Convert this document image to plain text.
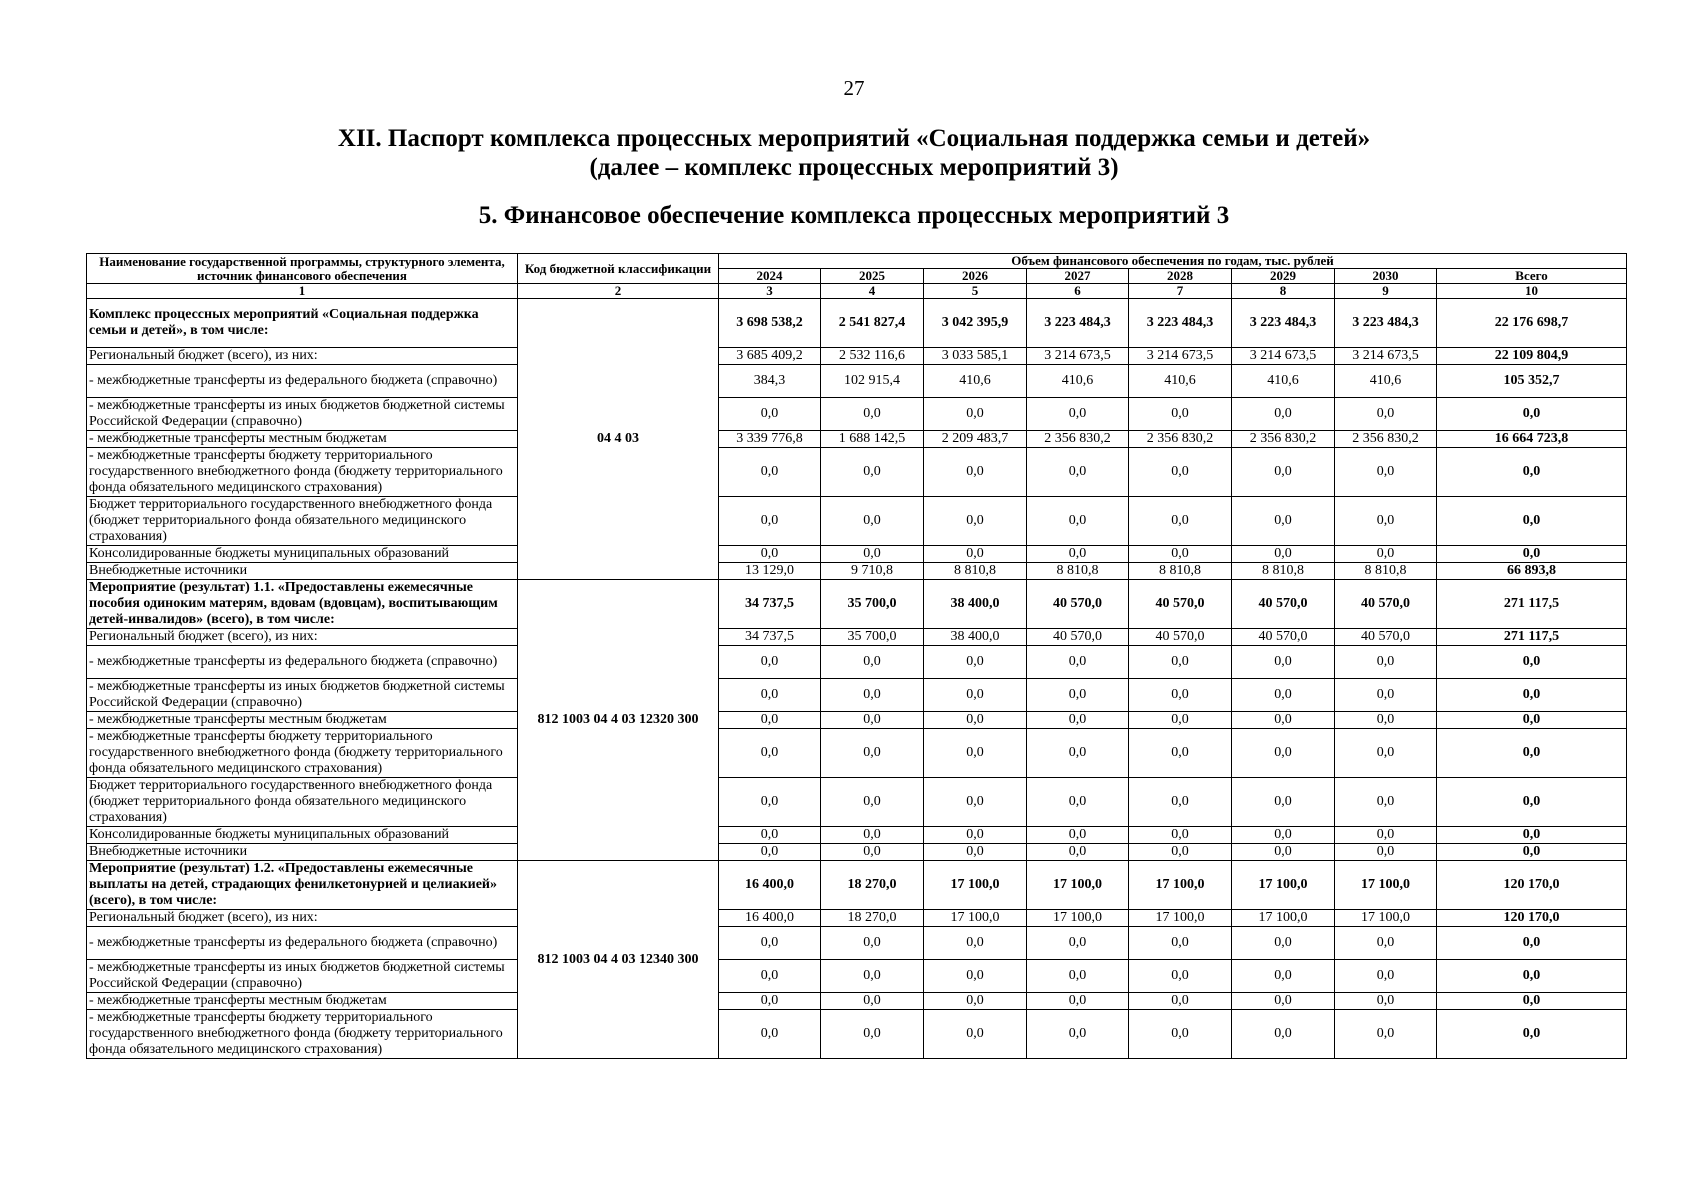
27
XII. Паспорт комплекса процессных мероприятий «Социальная поддержка семьи и детей»
(далее – комплекс процессных мероприятий 3)
5. Финансовое обеспечение комплекса процессных мероприятий 3
Наименование государственной программы, структурного элемента, источник финансового обеспечения	Код бюджетной классификации	Объем финансового обеспечения по годам, тыс. рублей							
		2024	2025	2026	2027	2028	2029	2030	Всего
1	2	3	4	5	6	7	8	9	10
Комплекс процессных мероприятий «Социальная поддержка семьи и детей», в том числе:	04 4 03	3 698 538,2	2 541 827,4	3 042 395,9	3 223 484,3	3 223 484,3	3 223 484,3	3 223 484,3	22 176 698,7
Региональный бюджет (всего), из них:		3 685 409,2	2 532 116,6	3 033 585,1	3 214 673,5	3 214 673,5	3 214 673,5	3 214 673,5	22 109 804,9
- межбюджетные трансферты из федерального бюджета (справочно)		384,3	102 915,4	410,6	410,6	410,6	410,6	410,6	105 352,7
- межбюджетные трансферты из иных бюджетов бюджетной системы Российской Федерации (справочно)		0,0	0,0	0,0	0,0	0,0	0,0	0,0	0,0
- межбюджетные трансферты местным бюджетам		3 339 776,8	1 688 142,5	2 209 483,7	2 356 830,2	2 356 830,2	2 356 830,2	2 356 830,2	16 664 723,8
- межбюджетные трансферты бюджету территориального государственного внебюджетного фонда (бюджету территориального фонда обязательного медицинского страхования)		0,0	0,0	0,0	0,0	0,0	0,0	0,0	0,0
Бюджет территориального государственного внебюджетного фонда (бюджет территориального фонда обязательного медицинского страхования)		0,0	0,0	0,0	0,0	0,0	0,0	0,0	0,0
Консолидированные бюджеты муниципальных образований		0,0	0,0	0,0	0,0	0,0	0,0	0,0	0,0
Внебюджетные источники		13 129,0	9 710,8	8 810,8	8 810,8	8 810,8	8 810,8	8 810,8	66 893,8
Мероприятие (результат) 1.1. «Предоставлены ежемесячные пособия одиноким матерям, вдовам (вдовцам), воспитывающим детей-инвалидов» (всего), в том числе:	812 1003 04 4 03 12320 300	34 737,5	35 700,0	38 400,0	40 570,0	40 570,0	40 570,0	40 570,0	271 117,5
Региональный бюджет (всего), из них:		34 737,5	35 700,0	38 400,0	40 570,0	40 570,0	40 570,0	40 570,0	271 117,5
- межбюджетные трансферты из федерального бюджета (справочно)		0,0	0,0	0,0	0,0	0,0	0,0	0,0	0,0
- межбюджетные трансферты из иных бюджетов бюджетной системы Российской Федерации (справочно)		0,0	0,0	0,0	0,0	0,0	0,0	0,0	0,0
- межбюджетные трансферты местным бюджетам		0,0	0,0	0,0	0,0	0,0	0,0	0,0	0,0
- межбюджетные трансферты бюджету территориального государственного внебюджетного фонда (бюджету территориального фонда обязательного медицинского страхования)		0,0	0,0	0,0	0,0	0,0	0,0	0,0	0,0
Бюджет территориального государственного внебюджетного фонда (бюджет территориального фонда обязательного медицинского страхования)		0,0	0,0	0,0	0,0	0,0	0,0	0,0	0,0
Консолидированные бюджеты муниципальных образований		0,0	0,0	0,0	0,0	0,0	0,0	0,0	0,0
Внебюджетные источники		0,0	0,0	0,0	0,0	0,0	0,0	0,0	0,0
Мероприятие (результат) 1.2. «Предоставлены ежемесячные выплаты на детей, страдающих фенилкетонурией и целиакией» (всего), в том числе:	812 1003 04 4 03 12340 300	16 400,0	18 270,0	17 100,0	17 100,0	17 100,0	17 100,0	17 100,0	120 170,0
Региональный бюджет (всего), из них:		16 400,0	18 270,0	17 100,0	17 100,0	17 100,0	17 100,0	17 100,0	120 170,0
- межбюджетные трансферты из федерального бюджета (справочно)		0,0	0,0	0,0	0,0	0,0	0,0	0,0	0,0
- межбюджетные трансферты из иных бюджетов бюджетной системы Российской Федерации (справочно)		0,0	0,0	0,0	0,0	0,0	0,0	0,0	0,0
- межбюджетные трансферты местным бюджетам		0,0	0,0	0,0	0,0	0,0	0,0	0,0	0,0
- межбюджетные трансферты бюджету территориального государственного внебюджетного фонда (бюджету территориального фонда обязательного медицинского страхования)		0,0	0,0	0,0	0,0	0,0	0,0	0,0	0,0
